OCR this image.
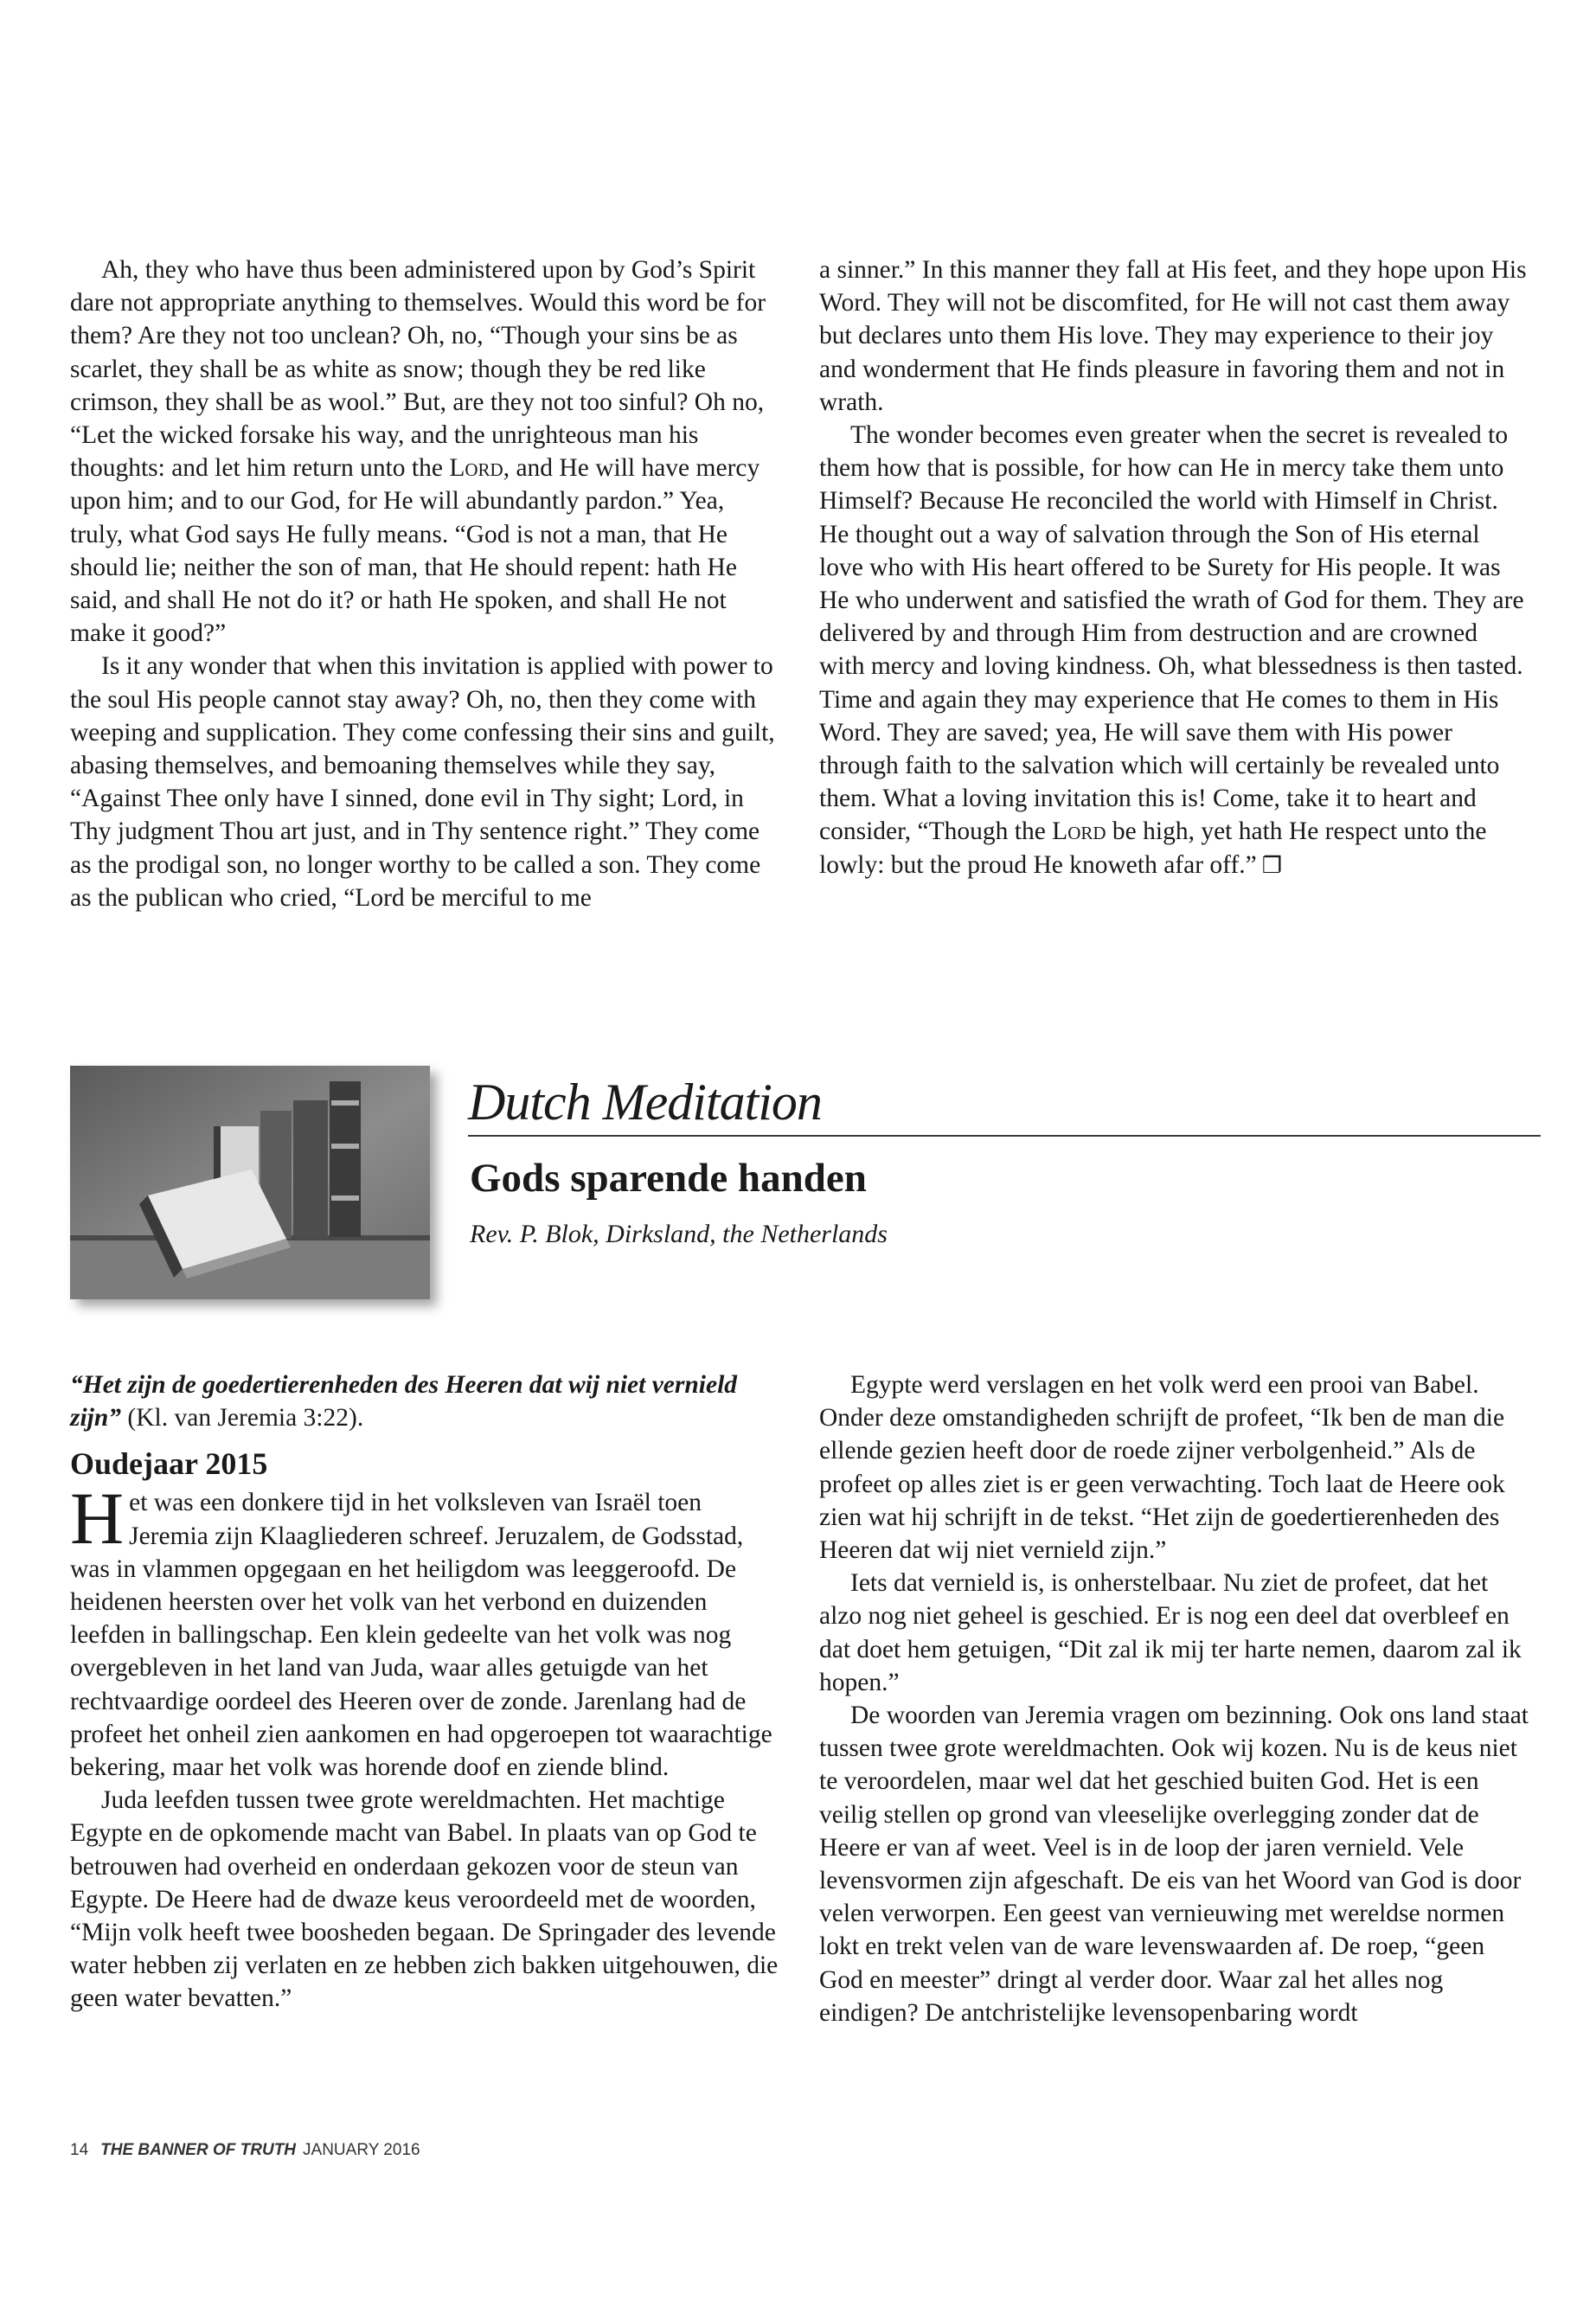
Ah, they who have thus been administered upon by God’s Spirit dare not appropriate anything to themselves. Would this word be for them? Are they not too unclean? Oh, no, “Though your sins be as scarlet, they shall be as white as snow; though they be red like crimson, they shall be as wool.” But, are they not too sinful? Oh no, “Let the wicked forsake his way, and the unrighteous man his thoughts: and let him return unto the Lord, and He will have mercy upon him; and to our God, for He will abundantly pardon.” Yea, truly, what God says He fully means. “God is not a man, that He should lie; neither the son of man, that He should repent: hath He said, and shall He not do it? or hath He spoken, and shall He not make it good?”

Is it any wonder that when this invitation is applied with power to the soul His people cannot stay away? Oh, no, then they come with weeping and supplication. They come confessing their sins and guilt, abasing themselves, and bemoaning themselves while they say, “Against Thee only have I sinned, done evil in Thy sight; Lord, in Thy judgment Thou art just, and in Thy sentence right.” They come as the prodigal son, no longer worthy to be called a son. They come as the publican who cried, “Lord be merciful to me

a sinner.” In this manner they fall at His feet, and they hope upon His Word. They will not be discomfited, for He will not cast them away but declares unto them His love. They may experience to their joy and wonderment that He finds pleasure in favoring them and not in wrath.

The wonder becomes even greater when the secret is revealed to them how that is possible, for how can He in mercy take them unto Himself? Because He reconciled the world with Himself in Christ. He thought out a way of salvation through the Son of His eternal love who with His heart offered to be Surety for His people. It was He who underwent and satisfied the wrath of God for them. They are delivered by and through Him from destruction and are crowned with mercy and loving kindness. Oh, what blessedness is then tasted. Time and again they may experience that He comes to them in His Word. They are saved; yea, He will save them with His power through faith to the salvation which will certainly be revealed unto them. What a loving invitation this is! Come, take it to heart and consider, “Though the Lord be high, yet hath He respect unto the lowly: but the proud He knoweth afar off.” ❐

Dutch Meditation
Gods sparende handen
Rev. P. Blok, Dirksland, the Netherlands

“Het zijn de goedertierenheden des Heeren dat wij niet vernield zijn” (Kl. van Jeremia 3:22).

Oudejaar 2015

Het was een donkere tijd in het volksleven van Israël toen Jeremia zijn Klaagliederen schreef. Jeruzalem, de Godsstad, was in vlammen opgegaan en het heiligdom was leeggeroofd. De heidenen heersten over het volk van het verbond en duizenden leefden in ballingschap. Een klein gedeelte van het volk was nog overgebleven in het land van Juda, waar alles getuigde van het rechtvaardige oordeel des Heeren over de zonde. Jarenlang had de profeet het onheil zien aankomen en had opgeroepen tot waarachtige bekering, maar het volk was horende doof en ziende blind.

Juda leefden tussen twee grote wereldmachten. Het machtige Egypte en de opkomende macht van Babel. In plaats van op God te betrouwen had overheid en onderdaan gekozen voor de steun van Egypte. De Heere had de dwaze keus veroordeeld met de woorden, “Mijn volk heeft twee boosheden begaan. De Springader des levende water hebben zij verlaten en ze hebben zich bakken uitgehouwen, die geen water bevatten.”

Egypte werd verslagen en het volk werd een prooi van Babel. Onder deze omstandigheden schrijft de profeet, “Ik ben de man die ellende gezien heeft door de roede zijner verbolgenheid.” Als de profeet op alles ziet is er geen verwachting. Toch laat de Heere ook zien wat hij schrijft in de tekst. “Het zijn de goedertierenheden des Heeren dat wij niet vernield zijn.”

Iets dat vernield is, is onherstelbaar. Nu ziet de profeet, dat het alzo nog niet geheel is geschied. Er is nog een deel dat overbleef en dat doet hem getuigen, “Dit zal ik mij ter harte nemen, daarom zal ik hopen.”

De woorden van Jeremia vragen om bezinning. Ook ons land staat tussen twee grote wereldmachten. Ook wij kozen. Nu is de keus niet te veroordelen, maar wel dat het geschied buiten God. Het is een veilig stellen op grond van vleeselijke overlegging zonder dat de Heere er van af weet. Veel is in de loop der jaren vernield. Vele levensvormen zijn afgeschaft. De eis van het Woord van God is door velen verworpen. Een geest van vernieuwing met wereldse normen lokt en trekt velen van de ware levenswaarden af. De roep, “geen God en meester” dringt al verder door. Waar zal het alles nog eindigen? De antchristelijke levensopenbaring wordt

14 THE BANNER OF TRUTH JANUARY 2016
